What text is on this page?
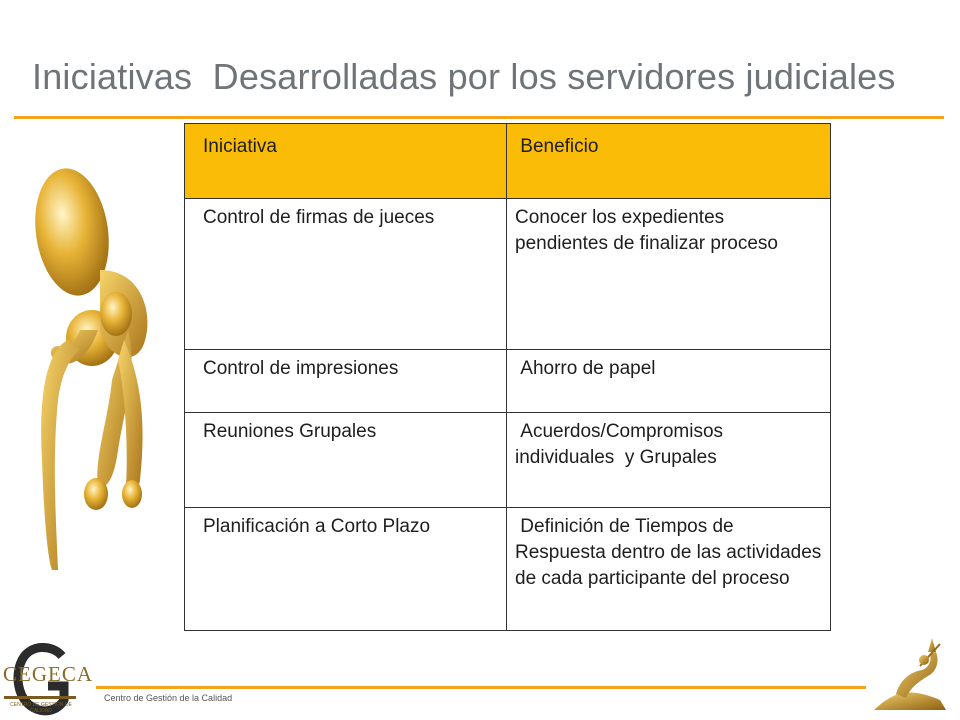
Iniciativas  Desarrolladas por los servidores judiciales
Iniciativa	Beneficio

Control de firmas de jueces	Conocer los expedientes pendientes de finalizar proceso

Control de impresiones	Ahorro de papel

Reuniones Grupales	Acuerdos/Compromisos individuales  y Grupales

Planificación a Corto Plazo	Definición de Tiempos de Respuesta dentro de las actividades de cada participante del proceso
CEGECA
CENTRO DE GESTIÓN DE CALIDAD
Centro de Gestión de la Calidad
